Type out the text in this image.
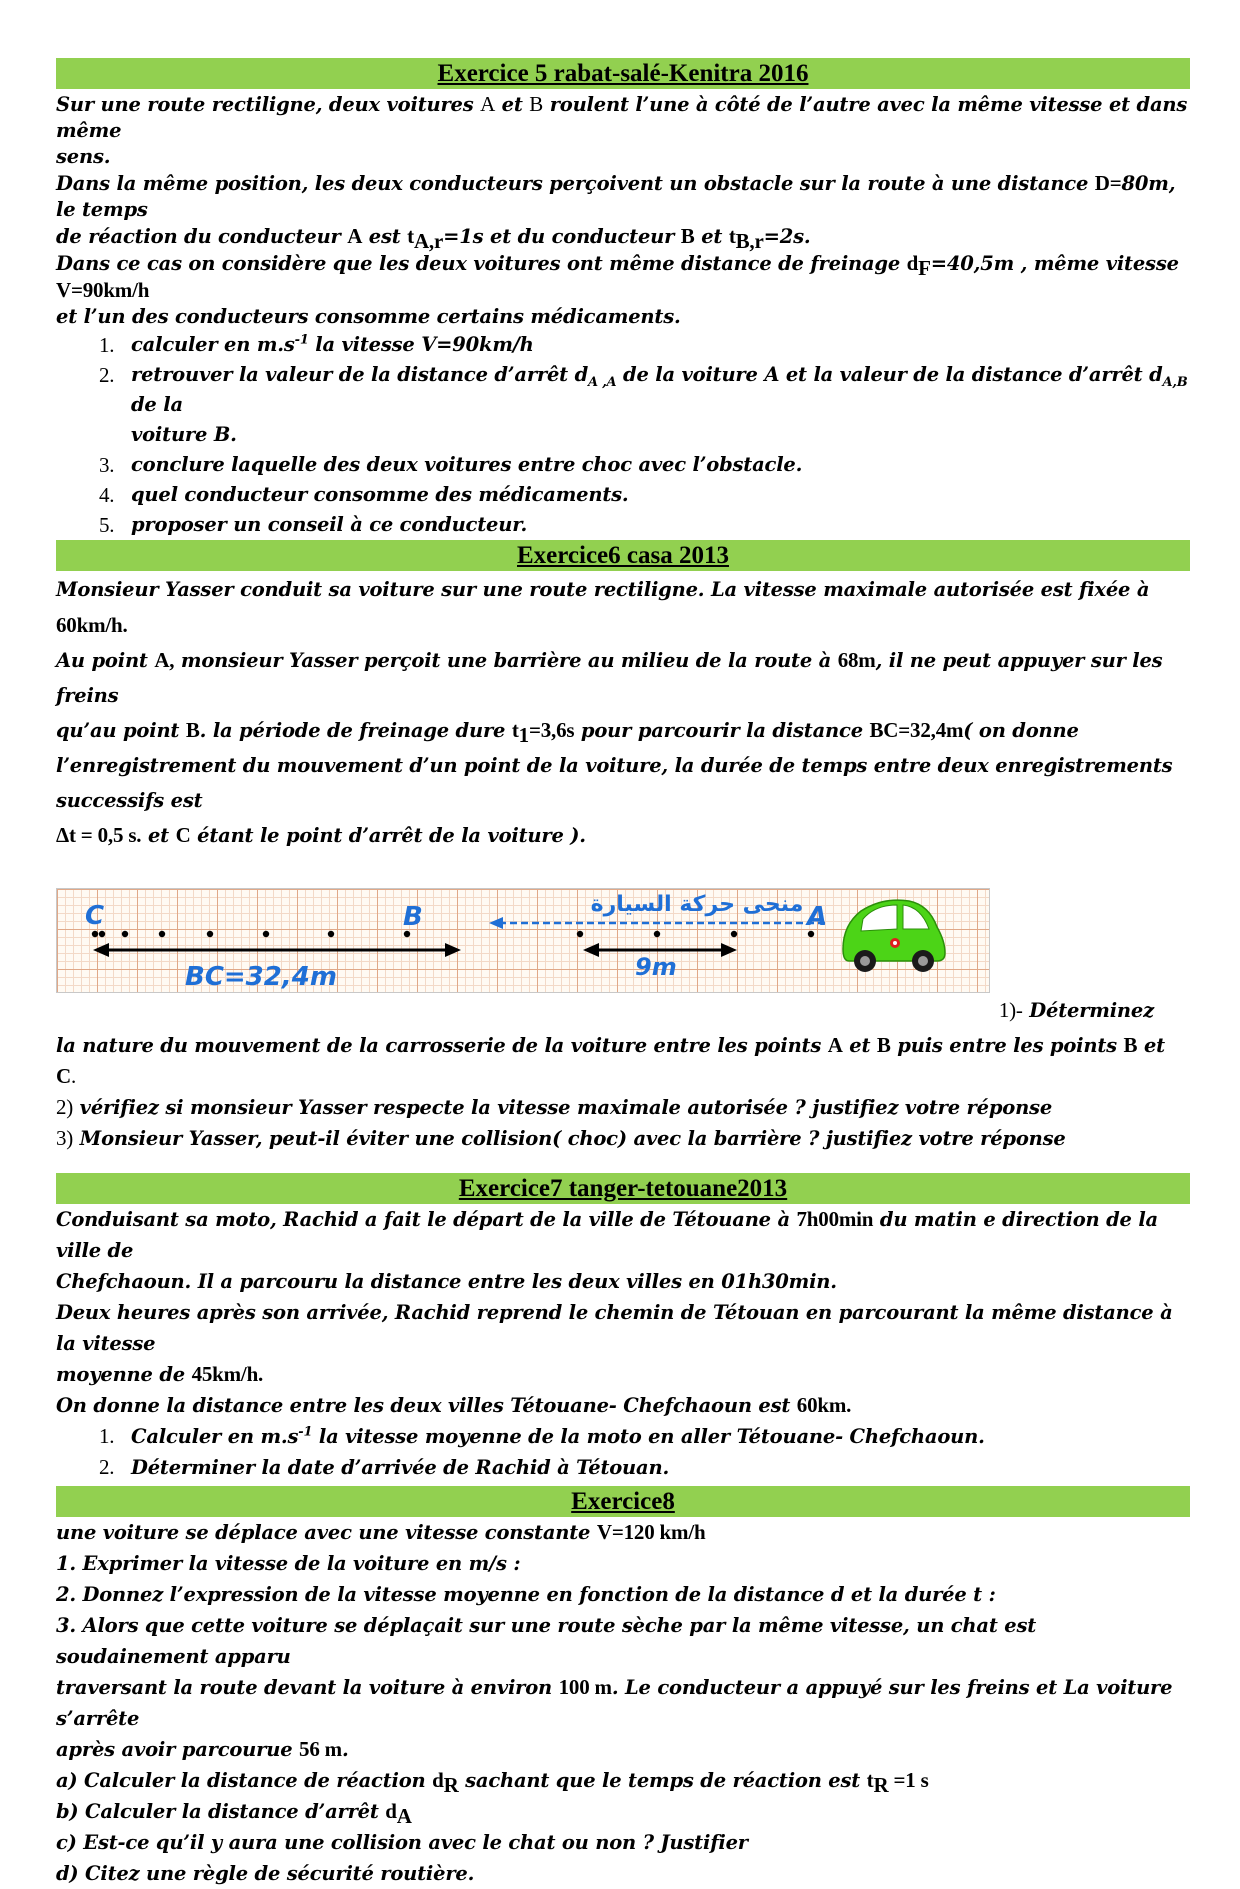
Exercice 5 rabat-salé-Kenitra 2016

Sur une route rectiligne, deux voitures A et B roulent l’une à côté de l’autre avec la même vitesse et dans même
sens.
Dans la même position, les deux conducteurs perçoivent un obstacle sur la route à une distance D=80m, le temps
de réaction du conducteur A est $t_{A,r}=1s$ et du conducteur B et $t_{B,r}=2s$.
Dans ce cas on considère que les deux voitures ont même distance de freinage $d_F=40,5m$ , même vitesse V=90km/h
et l’un des conducteurs consomme certains médicaments.

1. calculer en $m.s^{-1}$ la vitesse V=90km/h
2. retrouver la valeur de la distance d’arrêt $d_{A ,A}$ de la voiture A et la valeur de la distance d’arrêt $d_{A,B}$ de la
voiture B.
3. conclure laquelle des deux voitures entre choc avec l’obstacle.
4. quel conducteur consomme des médicaments.
5. proposer un conseil à ce conducteur.
Exercice6 casa 2013

Monsieur Yasser conduit sa voiture sur une route rectiligne. La vitesse maximale autorisée est fixée à 60km/h.
Au point A, monsieur Yasser perçoit une barrière au milieu de la route à 68m, il ne peut appuyer sur les freins
qu’au point B. la période de freinage dure $t_1=3,6s$ pour parcourir la distance BC=32,4m( on donne
l’enregistrement du mouvement d’un point de la voiture, la durée de temps entre deux enregistrements successifs est
Δt = 0,5 s. et C étant le point d’arrêt de la voiture ).

C	B	A
BC=32,4m	9m
منحى حركة السيارة

1)- Déterminez

la nature du mouvement de la carrosserie de la voiture entre les points A et B puis entre les points B et C.
2) vérifiez si monsieur Yasser respecte la vitesse maximale autorisée ? justifiez votre réponse
3) Monsieur Yasser, peut-il éviter une collision( choc) avec la barrière ? justifiez votre réponse

Exercice7 tanger-tetouane2013

Conduisant sa moto, Rachid a fait le départ de la ville de Tétouane à 7h00min du matin e direction de la ville de
Chefchaoun. Il a parcouru la distance entre les deux villes en 01h30min.
Deux heures après son arrivée, Rachid reprend le chemin de Tétouan en parcourant la même distance à la vitesse
moyenne de 45km/h.
On donne la distance entre les deux villes Tétouane- Chefchaoun est 60km.

1. Calculer en $m.s^{-1}$ la vitesse moyenne de la moto en aller Tétouane- Chefchaoun.
2. Déterminer la date d’arrivée de Rachid à Tétouan.
Exercice8

une voiture se déplace avec une vitesse constante V=120 km/h
1. Exprimer la vitesse de la voiture en m/s :
2. Donnez l’expression de la vitesse moyenne en fonction de la distance d et la durée t :
3. Alors que cette voiture se déplaçait sur une route sèche par la même vitesse, un chat est soudainement apparu
traversant la route devant la voiture à environ 100 m. Le conducteur a appuyé sur les freins et La voiture s’arrête
après avoir parcourue 56 m.
a) Calculer la distance de réaction $d_R$ sachant que le temps de réaction est $t_R =1$ s
b) Calculer la distance d’arrêt $d_A$
c) Est-ce qu’il y aura une collision avec le chat ou non ? Justifier
d) Citez une règle de sécurité routière.
